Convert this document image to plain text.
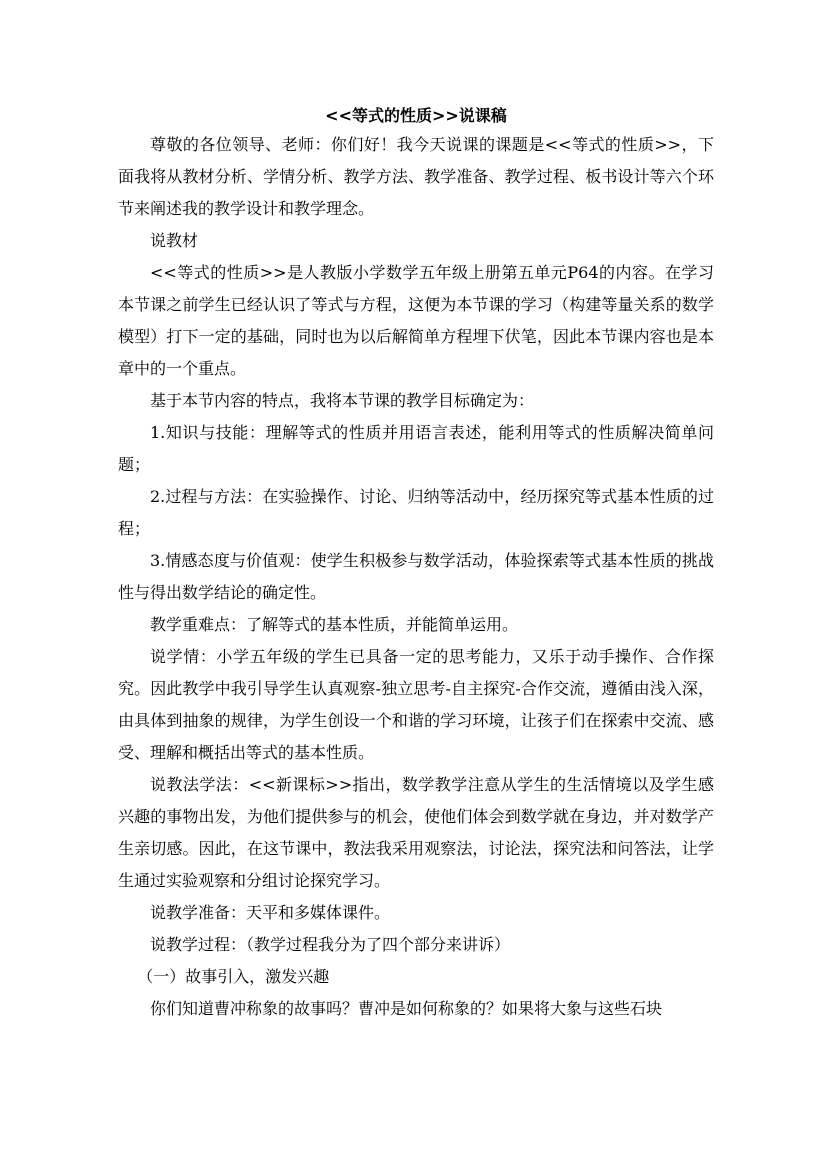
<<等式的性质>>说课稿

尊敬的各位领导、老师：你们好！我今天说课的课题是<<等式的性质>>，下面我将从教材分析、学情分析、教学方法、教学准备、教学过程、板书设计等六个环节来阐述我的教学设计和教学理念。

说教材

<<等式的性质>>是人教版小学数学五年级上册第五单元P64的内容。在学习本节课之前学生已经认识了等式与方程，这便为本节课的学习（构建等量关系的数学模型）打下一定的基础，同时也为以后解简单方程埋下伏笔，因此本节课内容也是本章中的一个重点。

基于本节内容的特点，我将本节课的教学目标确定为：

1.知识与技能：理解等式的性质并用语言表述，能利用等式的性质解决简单问题；

2.过程与方法：在实验操作、讨论、归纳等活动中，经历探究等式基本性质的过程；

3.情感态度与价值观：使学生积极参与数学活动，体验探索等式基本性质的挑战性与得出数学结论的确定性。

教学重难点：了解等式的基本性质，并能简单运用。

说学情：小学五年级的学生已具备一定的思考能力，又乐于动手操作、合作探究。因此教学中我引导学生认真观察-独立思考-自主探究-合作交流，遵循由浅入深，由具体到抽象的规律，为学生创设一个和谐的学习环境，让孩子们在探索中交流、感受、理解和概括出等式的基本性质。

说教法学法：<<新课标>>指出，数学教学注意从学生的生活情境以及学生感兴趣的事物出发，为他们提供参与的机会，使他们体会到数学就在身边，并对数学产生亲切感。因此，在这节课中，教法我采用观察法，讨论法，探究法和问答法，让学生通过实验观察和分组讨论探究学习。

说教学准备：天平和多媒体课件。

说教学过程：（教学过程我分为了四个部分来讲诉）

（一）故事引入，激发兴趣

你们知道曹冲称象的故事吗？曹冲是如何称象的？如果将大象与这些石块
